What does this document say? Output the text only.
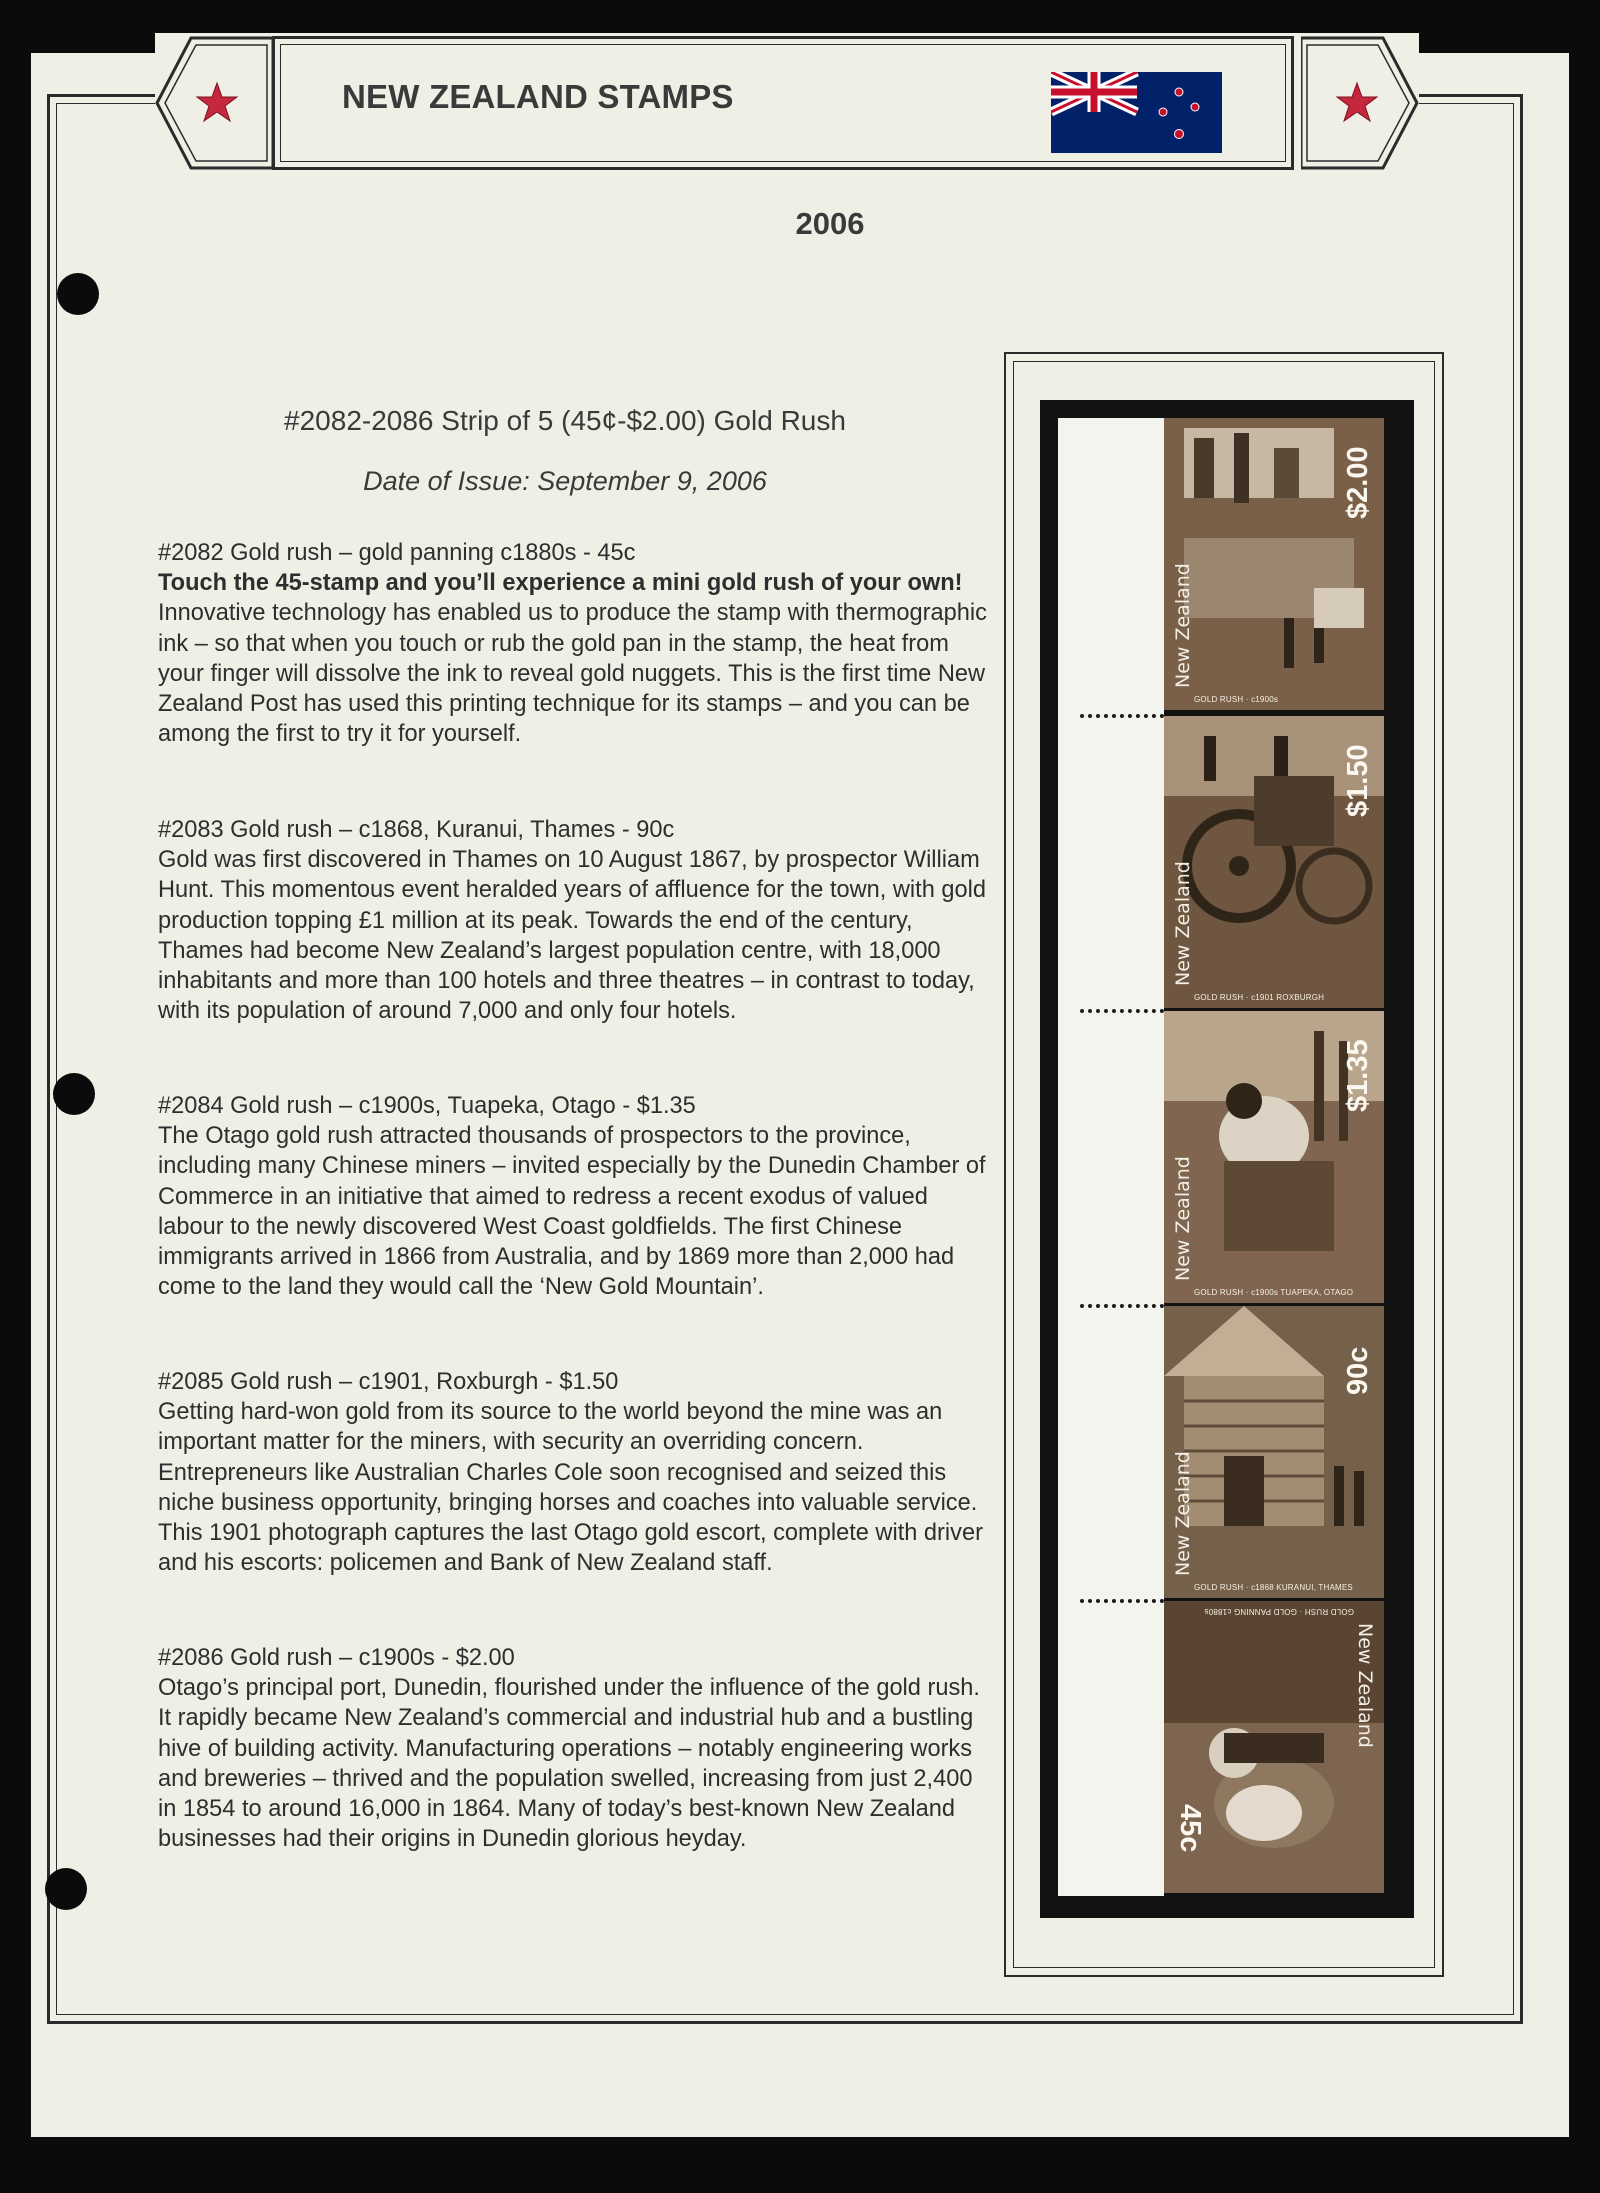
NEW ZEALAND STAMPS
2006
#2082-2086 Strip of 5 (45¢-$2.00) Gold Rush
Date of Issue: September 9, 2006
#2082 Gold rush – gold panning c1880s - 45c
Touch the 45-stamp and you’ll experience a mini gold rush of your own! Innovative technology has enabled us to produce the stamp with thermographic ink – so that when you touch or rub the gold pan in the stamp, the heat from your finger will dissolve the ink to reveal gold nuggets. This is the first time New Zealand Post has used this printing technique for its stamps – and you can be among the first to try it for yourself.
#2083 Gold rush – c1868, Kuranui, Thames - 90c
Gold was first discovered in Thames on 10 August 1867, by prospector William Hunt. This momentous event heralded years of affluence for the town, with gold production topping £1 million at its peak. Towards the end of the century, Thames had become New Zealand’s largest population centre, with 18,000 inhabitants and more than 100 hotels and three theatres – in contrast to today, with its population of around 7,000 and only four hotels.
#2084 Gold rush – c1900s, Tuapeka, Otago - $1.35
The Otago gold rush attracted thousands of prospectors to the province, including many Chinese miners – invited especially by the Dunedin Chamber of Commerce in an initiative that aimed to redress a recent exodus of valued labour to the newly discovered West Coast goldfields. The first Chinese immigrants arrived in 1866 from Australia, and by 1869 more than 2,000 had come to the land they would call the ‘New Gold Mountain’.
#2085 Gold rush – c1901, Roxburgh - $1.50
Getting hard-won gold from its source to the world beyond the mine was an important matter for the miners, with security an overriding concern. Entrepreneurs like Australian Charles Cole soon recognised and seized this niche business opportunity, bringing horses and coaches into valuable service. This 1901 photograph captures the last Otago gold escort, complete with driver and his escorts: policemen and Bank of New Zealand staff.
#2086 Gold rush – c1900s - $2.00
Otago’s principal port, Dunedin, flourished under the influence of the gold rush. It rapidly became New Zealand’s commercial and industrial hub and a bustling hive of building activity. Manufacturing operations – notably engineering works and breweries – thrived and the population swelled, increasing from just 2,400 in 1854 to around 16,000 in 1864. Many of today’s best-known New Zealand businesses had their origins in Dunedin glorious heyday.
$2.00
New Zealand
GOLD RUSH · c1900s
$1.50
New Zealand
GOLD RUSH · c1901 ROXBURGH
$1.35
New Zealand
GOLD RUSH · c1900s TUAPEKA, OTAGO
90c
New Zealand
GOLD RUSH · c1868 KURANUI, THAMES
45c
New Zealand
GOLD RUSH · GOLD PANNING c1880s
